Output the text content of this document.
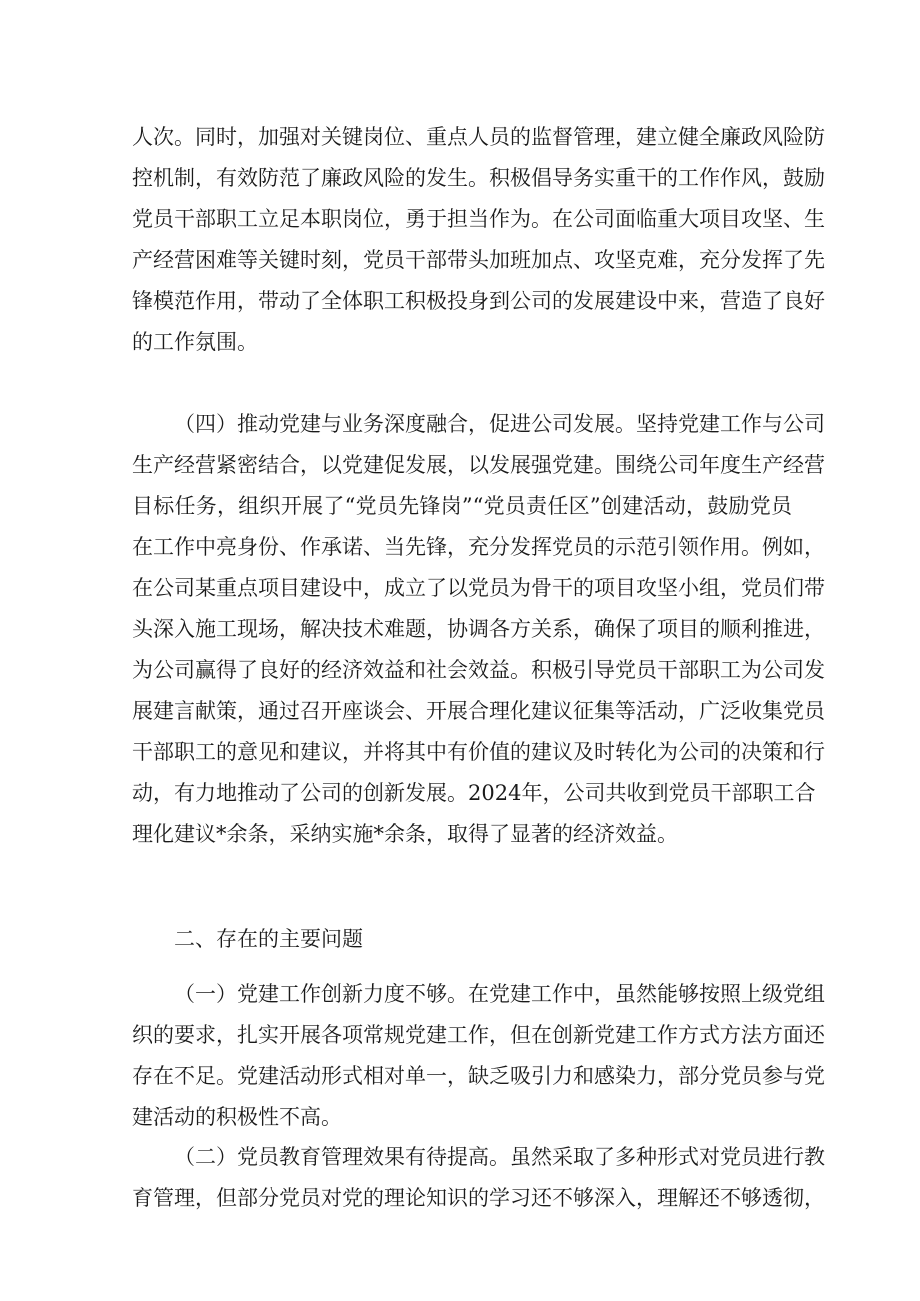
人次。同时，加强对关键岗位、重点人员的监督管理，建立健全廉政风险防
控机制，有效防范了廉政风险的发生。积极倡导务实重干的工作作风，鼓励
党员干部职工立足本职岗位，勇于担当作为。在公司面临重大项目攻坚、生
产经营困难等关键时刻，党员干部带头加班加点、攻坚克难，充分发挥了先
锋模范作用，带动了全体职工积极投身到公司的发展建设中来，营造了良好
的工作氛围。
（四）推动党建与业务深度融合，促进公司发展。坚持党建工作与公司
生产经营紧密结合，以党建促发展，以发展强党建。围绕公司年度生产经营
目标任务，组织开展了“党员先锋岗”“党员责任区”创建活动，鼓励党员
在工作中亮身份、作承诺、当先锋，充分发挥党员的示范引领作用。例如，
在公司某重点项目建设中，成立了以党员为骨干的项目攻坚小组，党员们带
头深入施工现场，解决技术难题，协调各方关系，确保了项目的顺利推进，
为公司赢得了良好的经济效益和社会效益。积极引导党员干部职工为公司发
展建言献策，通过召开座谈会、开展合理化建议征集等活动，广泛收集党员
干部职工的意见和建议，并将其中有价值的建议及时转化为公司的决策和行
动，有力地推动了公司的创新发展。2024年，公司共收到党员干部职工合
理化建议*余条，采纳实施*余条，取得了显著的经济效益。
二、存在的主要问题
（一）党建工作创新力度不够。在党建工作中，虽然能够按照上级党组
织的要求，扎实开展各项常规党建工作，但在创新党建工作方式方法方面还
存在不足。党建活动形式相对单一，缺乏吸引力和感染力，部分党员参与党
建活动的积极性不高。
（二）党员教育管理效果有待提高。虽然采取了多种形式对党员进行教
育管理，但部分党员对党的理论知识的学习还不够深入，理解还不够透彻，
